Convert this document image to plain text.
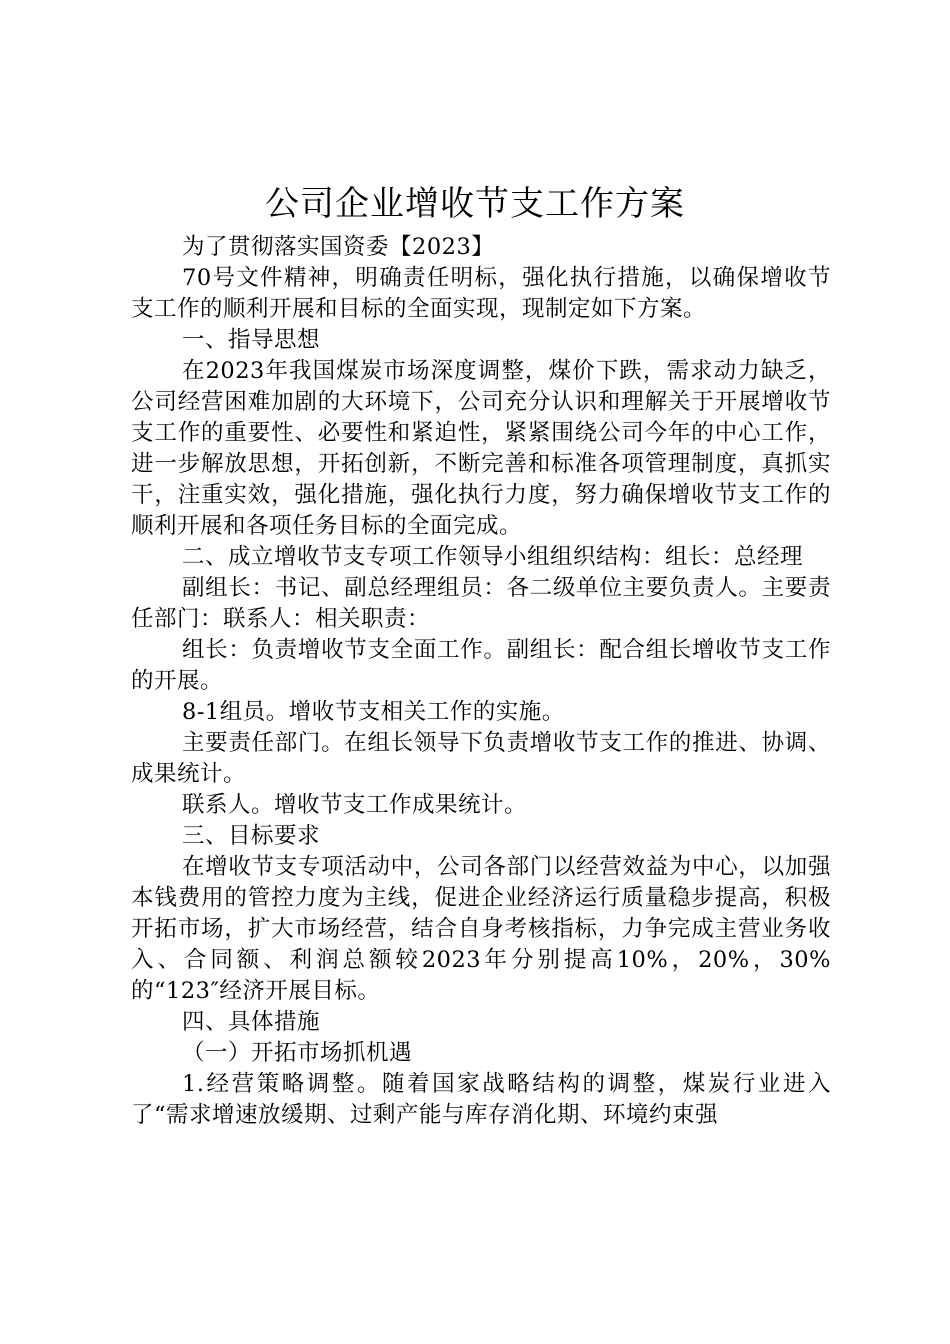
公司企业增收节支工作方案

为了贯彻落实国资委【2023】

70号文件精神，明确责任明标，强化执行措施，以确保增收节支工作的顺利开展和目标的全面实现，现制定如下方案。

一、指导思想

在2023年我国煤炭市场深度调整，煤价下跌，需求动力缺乏，公司经营困难加剧的大环境下，公司充分认识和理解关于开展增收节支工作的重要性、必要性和紧迫性，紧紧围绕公司今年的中心工作，进一步解放思想，开拓创新，不断完善和标准各项管理制度，真抓实干，注重实效，强化措施，强化执行力度，努力确保增收节支工作的顺利开展和各项任务目标的全面完成。

二、成立增收节支专项工作领导小组组织结构：组长：总经理

副组长：书记、副总经理组员：各二级单位主要负责人。主要责任部门：联系人：相关职责：

组长：负责增收节支全面工作。副组长：配合组长增收节支工作的开展。

8-1组员。增收节支相关工作的实施。

主要责任部门。在组长领导下负责增收节支工作的推进、协调、成果统计。

联系人。增收节支工作成果统计。

三、目标要求

在增收节支专项活动中，公司各部门以经营效益为中心，以加强本钱费用的管控力度为主线，促进企业经济运行质量稳步提高，积极开拓市场，扩大市场经营，结合自身考核指标，力争完成主营业务收入、合同额、利润总额较2023年分别提高10%，20%，30%的“123″经济开展目标。

四、具体措施

（一）开拓市场抓机遇

1.经营策略调整。随着国家战略结构的调整，煤炭行业进入了“需求增速放缓期、过剩产能与库存消化期、环境约束强
